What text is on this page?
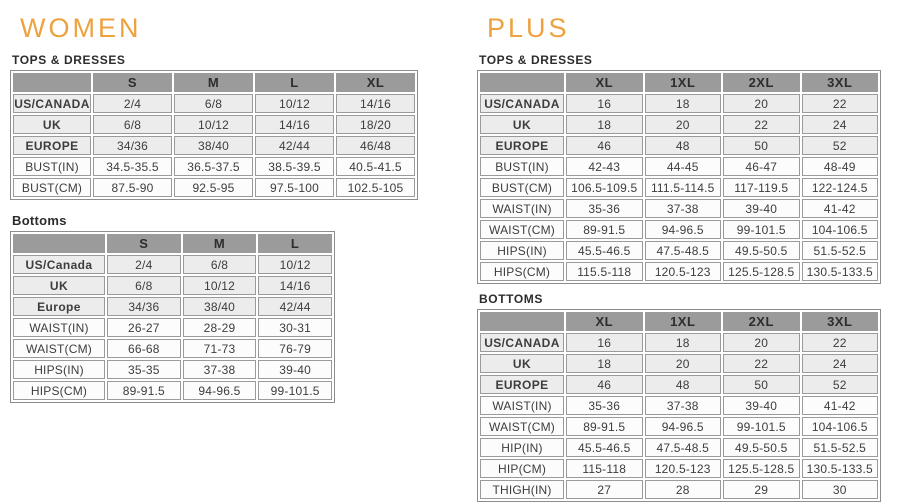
WOMEN
TOPS & DRESSES
	S	M	L	XL
US/CANADA	2/4	6/8	10/12	14/16
UK	6/8	10/12	14/16	18/20
EUROPE	34/36	38/40	42/44	46/48
BUST(IN)	34.5-35.5	36.5-37.5	38.5-39.5	40.5-41.5
BUST(CM)	87.5-90	92.5-95	97.5-100	102.5-105
Bottoms
	S	M	L
US/Canada	2/4	6/8	10/12
UK	6/8	10/12	14/16
Europe	34/36	38/40	42/44
WAIST(IN)	26-27	28-29	30-31
WAIST(CM)	66-68	71-73	76-79
HIPS(IN)	35-35	37-38	39-40
HIPS(CM)	89-91.5	94-96.5	99-101.5
PLUS
TOPS & DRESSES
	XL	1XL	2XL	3XL
US/CANADA	16	18	20	22
UK	18	20	22	24
EUROPE	46	48	50	52
BUST(IN)	42-43	44-45	46-47	48-49
BUST(CM)	106.5-109.5	111.5-114.5	117-119.5	122-124.5
WAIST(IN)	35-36	37-38	39-40	41-42
WAIST(CM)	89-91.5	94-96.5	99-101.5	104-106.5
HIPS(IN)	45.5-46.5	47.5-48.5	49.5-50.5	51.5-52.5
HIPS(CM)	115.5-118	120.5-123	125.5-128.5	130.5-133.5
BOTTOMS
	XL	1XL	2XL	3XL
US/CANADA	16	18	20	22
UK	18	20	22	24
EUROPE	46	48	50	52
WAIST(IN)	35-36	37-38	39-40	41-42
WAIST(CM)	89-91.5	94-96.5	99-101.5	104-106.5
HIP(IN)	45.5-46.5	47.5-48.5	49.5-50.5	51.5-52.5
HIP(CM)	115-118	120.5-123	125.5-128.5	130.5-133.5
THIGH(IN)	27	28	29	30
